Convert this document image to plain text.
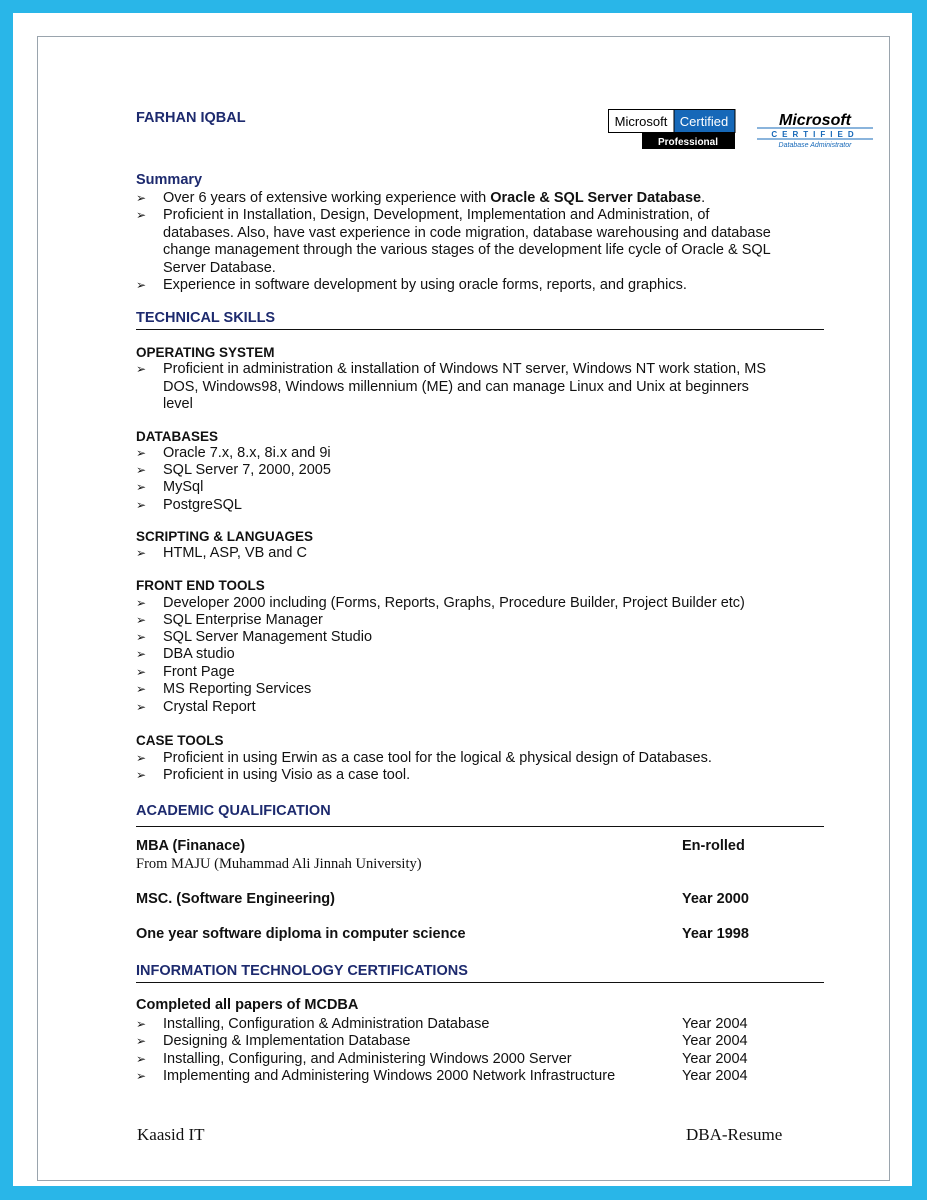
FARHAN IQBAL	Microsoft Certified
Professional
Microsoft
CERTIFIED
Database Administrator
Summary
➢ Over 6 years of extensive working experience with Oracle & SQL Server Database.
➢ Proficient in Installation, Design, Development, Implementation and Administration, of databases. Also, have vast experience in code migration, database warehousing and database change management through the various stages of the development life cycle of Oracle & SQL Server Database.
➢ Experience in software development by using oracle forms, reports, and graphics.
TECHNICAL SKILLS
OPERATING SYSTEM
➢ Proficient in administration & installation of Windows NT server, Windows NT work station, MS DOS, Windows98, Windows millennium (ME) and can manage Linux and Unix at beginners level
DATABASES
➢ Oracle 7.x, 8.x, 8i.x and 9i
➢ SQL Server 7, 2000, 2005
➢ MySql
➢ PostgreSQL
SCRIPTING & LANGUAGES
➢ HTML, ASP, VB and C
FRONT END TOOLS
➢ Developer 2000 including (Forms, Reports, Graphs, Procedure Builder, Project Builder etc)
➢ SQL Enterprise Manager
➢ SQL Server Management Studio
➢ DBA studio
➢ Front Page
➢ MS Reporting Services
➢ Crystal Report
CASE TOOLS
➢ Proficient in using Erwin as a case tool for the logical & physical design of Databases.
➢ Proficient in using Visio as a case tool.
ACADEMIC QUALIFICATION
MBA (Finanace)	En-rolled
From MAJU (Muhammad Ali Jinnah University)
MSC. (Software Engineering)	Year 2000
One year software diploma in computer science	Year 1998
INFORMATION TECHNOLOGY CERTIFICATIONS
Completed all papers of MCDBA
➢ Installing, Configuration & Administration Database	Year 2004
➢ Designing & Implementation Database	Year 2004
➢ Installing, Configuring, and Administering Windows 2000 Server	Year 2004
➢ Implementing and Administering Windows 2000 Network Infrastructure	Year 2004
Kaasid IT	DBA-Resume
